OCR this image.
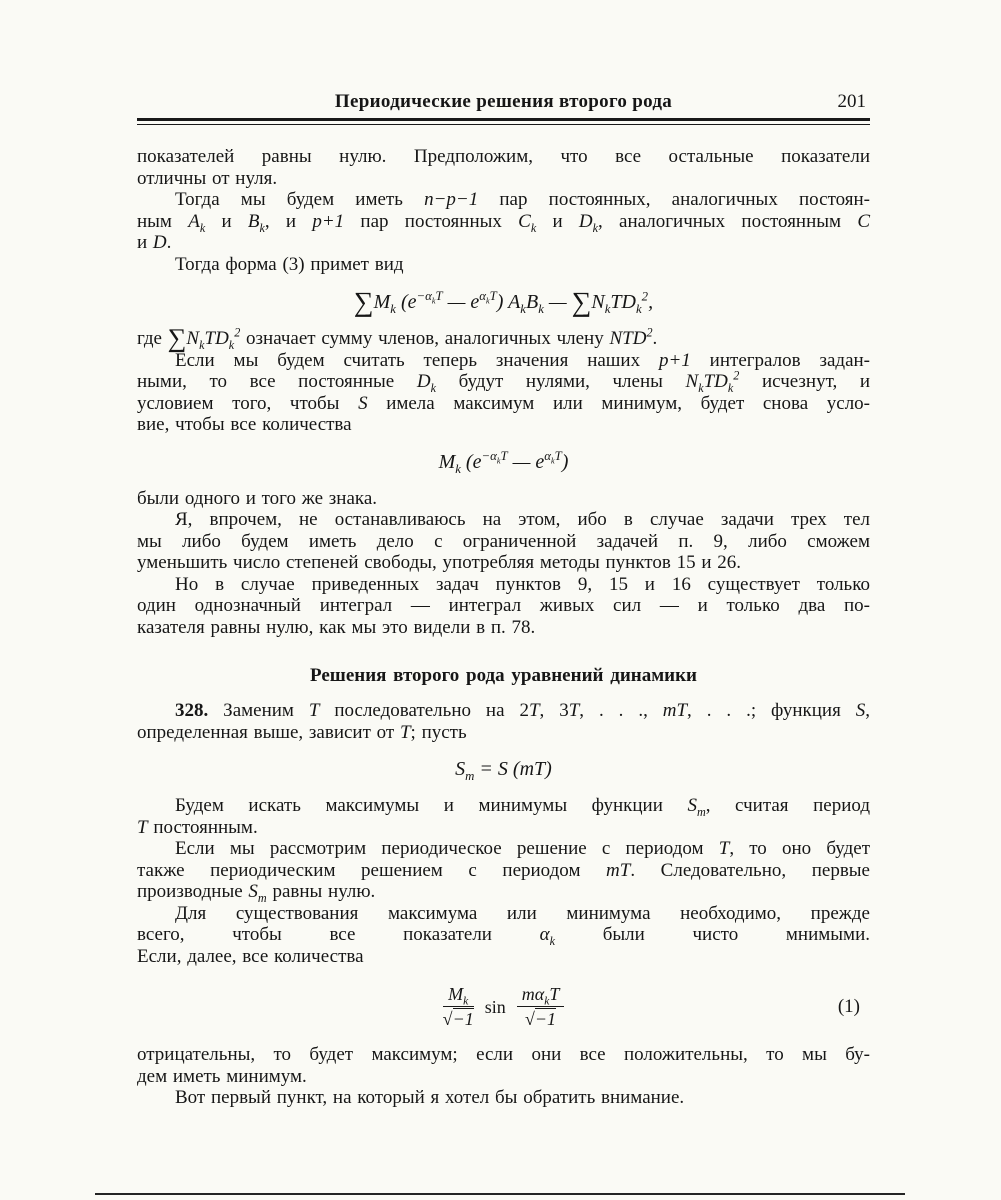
Периодические решения второго рода	201

показателей равны нулю. Предположим, что все остальные показатели
отличны от нуля.

Тогда мы будем иметь n−p−1 пар постоянных, аналогичных постоян-
ным $A_k$ и $B_k$, и p+1 пар постоянных $C_k$ и $D_k$, аналогичных постоянным C
и D.

Тогда форма (3) примет вид

$\sum M_k$ ($e^{-\alpha_kT}$ — $e^{\alpha_kT}$) $A_kB_k$ — $\sum N_kTD_k^2$,

где $\sum N_kTD_k^2$ означает сумму членов, аналогичных члену NTD$^2$.

Если мы будем считать теперь значения наших p+1 интегралов задан-
ными, то все постоянные $D_k$ будут нулями, члены $N_kTD_k^2$ исчезнут, и
условием того, чтобы S имела максимум или минимум, будет снова усло-
вие, чтобы все количества

$M_k$ ($e^{-\alpha_kT}$ — $e^{\alpha_kT}$)

были одного и того же знака.

Я, впрочем, не останавливаюсь на этом, ибо в случае задачи трех тел
мы либо будем иметь дело с ограниченной задачей п. 9, либо сможем
уменьшить число степеней свободы, употребляя методы пунктов 15 и 26.

Но в случае приведенных задач пунктов 9, 15 и 16 существует только
один однозначный интеграл — интеграл живых сил — и только два по-
казателя равны нулю, как мы это видели в п. 78.

Решения второго рода уравнений динамики

328. Заменим T последовательно на 2T, 3T, . . ., mT, . . .; функция S,
определенная выше, зависит от T; пусть

$S_m = S$ (mT)

Будем искать максимумы и минимумы функции $S_m$, считая период
T постоянным.

Если мы рассмотрим периодическое решение с периодом T, то оно будет
также периодическим решением с периодом mT. Следовательно, первые
производные $S_m$ равны нулю.

Для существования максимума или минимума необходимо, прежде
всего, чтобы все показатели $\alpha_k$ были чисто мнимыми.
Если, далее, все количества

$\frac{M_k}{√-1}$ $\sin \frac{m\alpha_kT}{√-1}$	(1)

отрицательны, то будет максимум; если они все положительны, то мы бу-
дем иметь минимум.

Вот первый пункт, на который я хотел бы обратить внимание.
